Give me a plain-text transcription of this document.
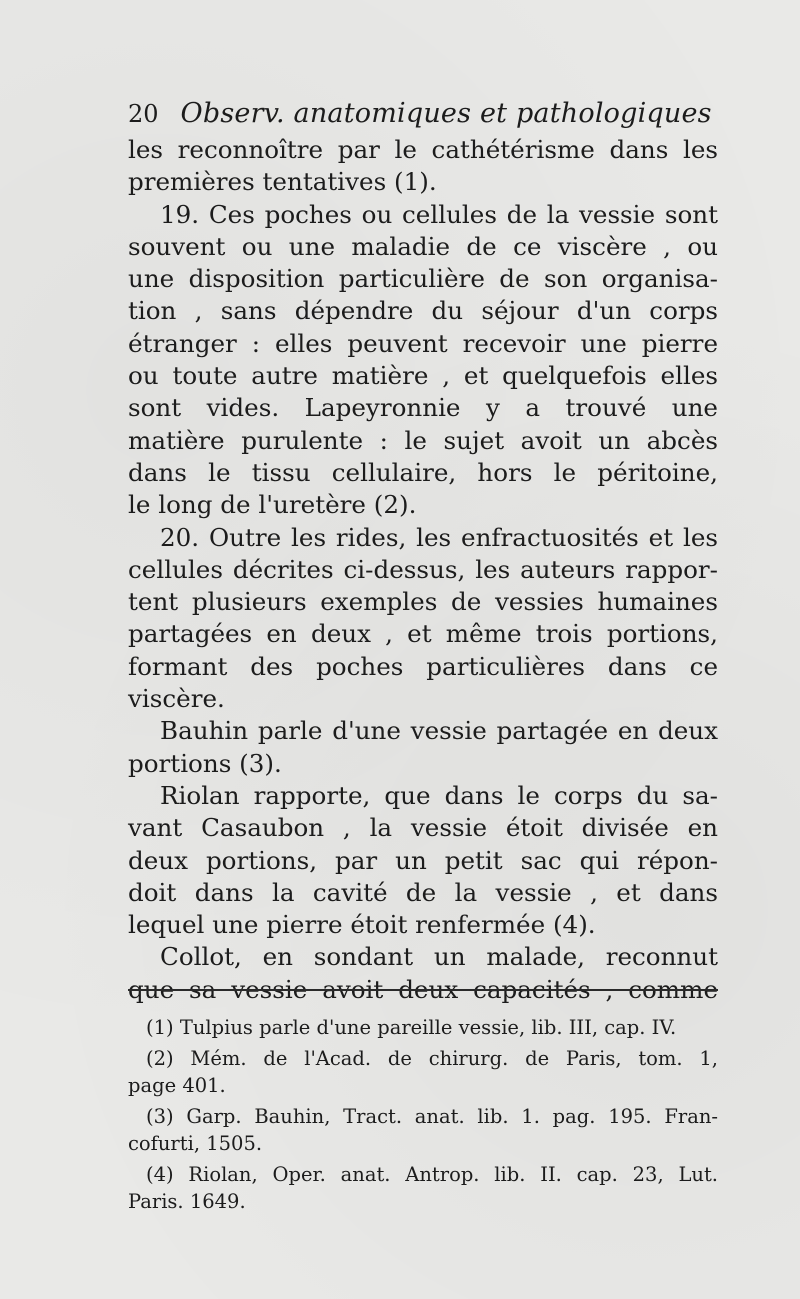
20 Observ. anatomiques et pathologiques
les reconnoître par le cathétérisme dans les
premières tentatives (1).
19. Ces poches ou cellules de la vessie sont
souvent ou une maladie de ce viscère , ou
une disposition particulière de son organisa-
tion , sans dépendre du séjour d'un corps
étranger : elles peuvent recevoir une pierre
ou toute autre matière , et quelquefois elles
sont vides. Lapeyronnie y a trouvé une
matière purulente : le sujet avoit un abcès
dans le tissu cellulaire, hors le péritoine,
le long de l'uretère (2).
20. Outre les rides, les enfractuosités et les
cellules décrites ci-dessus, les auteurs rappor-
tent plusieurs exemples de vessies humaines
partagées en deux , et même trois portions,
formant des poches particulières dans ce
viscère.
Bauhin parle d'une vessie partagée en deux
portions (3).
Riolan rapporte, que dans le corps du sa-
vant Casaubon , la vessie étoit divisée en
deux portions, par un petit sac qui répon-
doit dans la cavité de la vessie , et dans
lequel une pierre étoit renfermée (4).
Collot, en sondant un malade, reconnut
que sa vessie avoit deux capacités , comme
(1) Tulpius parle d'une pareille vessie, lib. III, cap. IV.
(2) Mém. de l'Acad. de chirurg. de Paris, tom. 1,
page 401.
(3) Garp. Bauhin, Tract. anat. lib. 1. pag. 195. Fran-
cofurti, 1505.
(4) Riolan, Oper. anat. Antrop. lib. II. cap. 23, Lut.
Paris. 1649.
